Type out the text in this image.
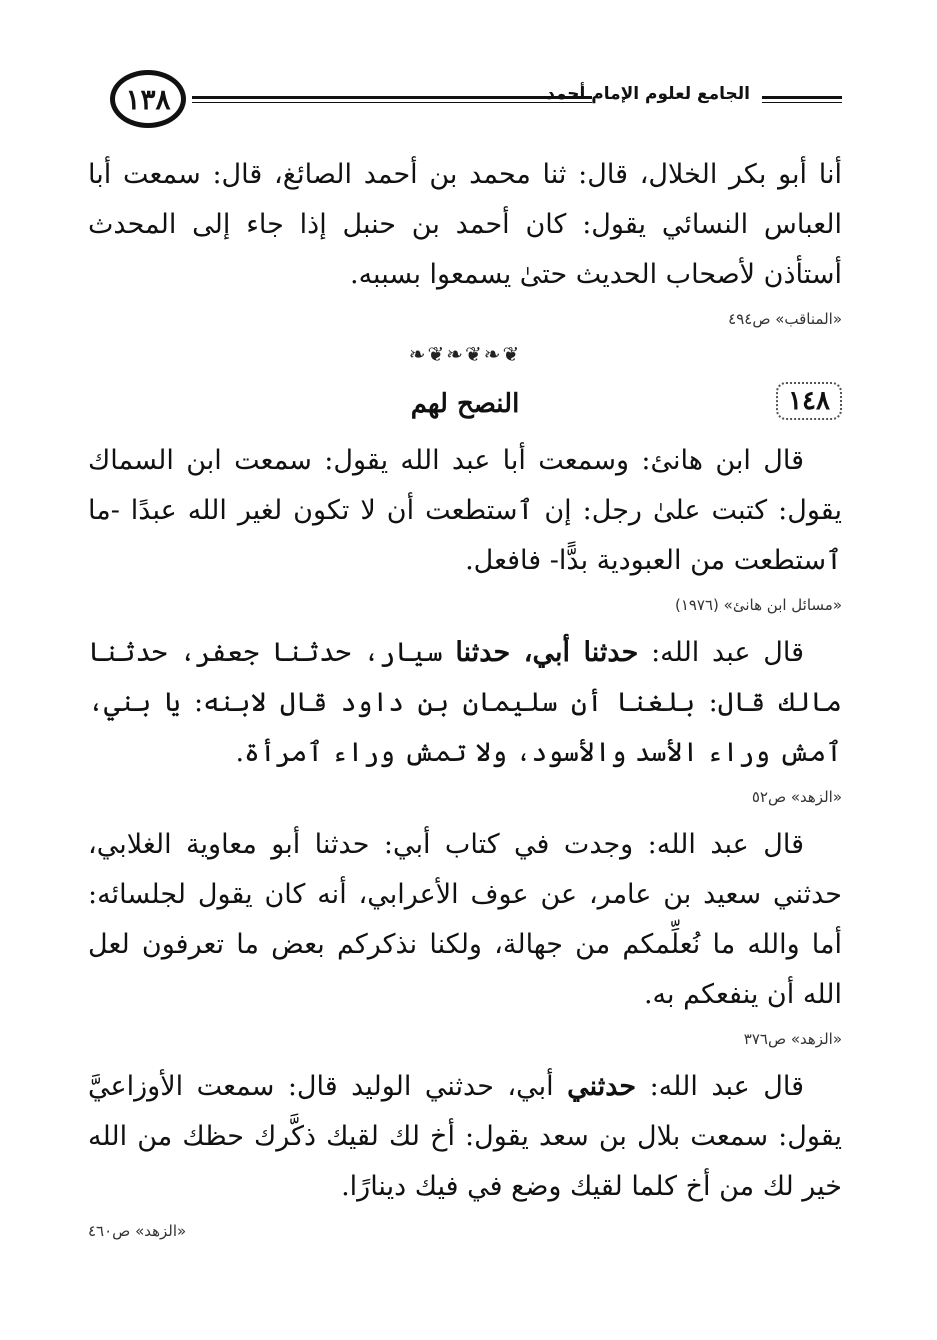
١٣٨	الجامع لعلوم الإمام أحمد

أنا أبو بكر الخلال، قال: ثنا محمد بن أحمد الصائغ، قال: سمعت أبا العباس النسائي يقول: كان أحمد بن حنبل إذا جاء إلى المحدث أستأذن لأصحاب الحديث حتىٰ يسمعوا بسببه.

«المناقب» ص٤٩٤
❦❧❦❧❦❧
١٤٨
النصح لهم

قال ابن هانئ: وسمعت أبا عبد الله يقول: سمعت ابن السماك يقول: كتبت علىٰ رجل: إن ٱستطعت أن لا تكون لغير الله عبدًا -ما ٱستطعت من العبودية بدًّا- فافعل.

«مسائل ابن هانئ» (١٩٧٦)

قال عبد الله: حدثنا أبي، حدثنا سيار، حدثنا جعفر، حدثنا مالك قال: بلغنا أن سليمان بن داود قال لابنه: يا بني، ٱمش وراء الأسد والأسود، ولا تمش وراء ٱمرأة.

«الزهد» ص٥٢

قال عبد الله: وجدت في كتاب أبي: حدثنا أبو معاوية الغلابي، حدثني سعيد بن عامر، عن عوف الأعرابي، أنه كان يقول لجلسائه: أما والله ما نُعلِّمكم من جهالة، ولكنا نذكركم بعض ما تعرفون لعل الله أن ينفعكم به.

«الزهد» ص٣٧٦

قال عبد الله: حدثني أبي، حدثني الوليد قال: سمعت الأوزاعيَّ يقول: سمعت بلال بن سعد يقول: أخ لك لقيك ذكَّرك حظك من الله خير لك من أخ كلما لقيك وضع في فيك دينارًا.

«الزهد» ص٤٦٠
